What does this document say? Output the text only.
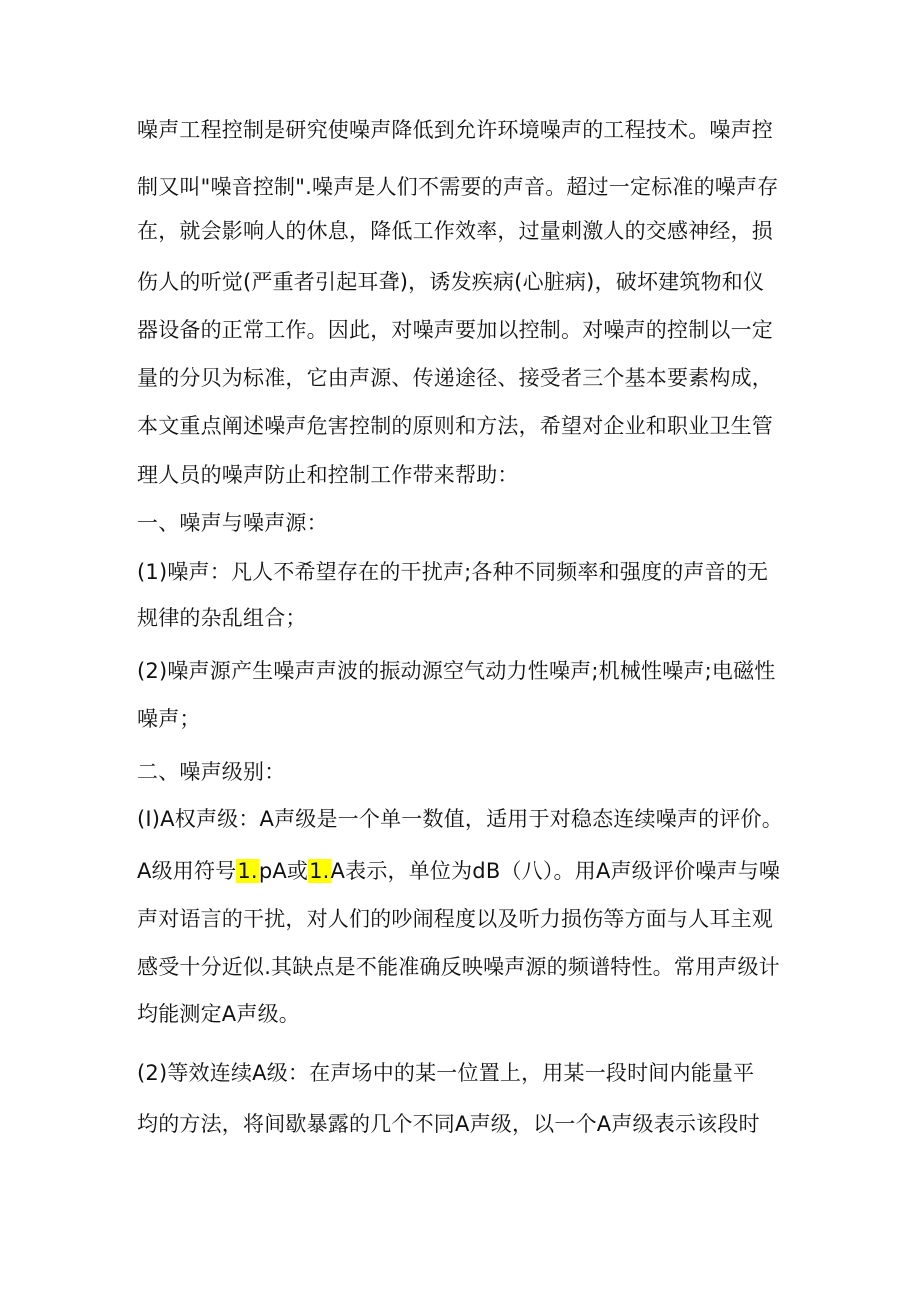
噪声工程控制是研究使噪声降低到允许环境噪声的工程技术。噪声控
制又叫"噪音控制".噪声是人们不需要的声音。超过一定标准的噪声存
在，就会影响人的休息，降低工作效率，过量刺激人的交感神经，损
伤人的听觉(严重者引起耳聋)，诱发疾病(心脏病)，破坏建筑物和仪
器设备的正常工作。因此，对噪声要加以控制。对噪声的控制以一定
量的分贝为标准，它由声源、传递途径、接受者三个基本要素构成，
本文重点阐述噪声危害控制的原则和方法，希望对企业和职业卫生管
理人员的噪声防止和控制工作带来帮助：
一、噪声与噪声源：
(1)噪声：凡人不希望存在的干扰声;各种不同频率和强度的声音的无
规律的杂乱组合；
(2)噪声源产生噪声声波的振动源空气动力性噪声;机械性噪声;电磁性
噪声；
二、噪声级别：
(I)A权声级：A声级是一个单一数值，适用于对稳态连续噪声的评价。
A级用符号1.pA或1.A表示，单位为dB（八）。用A声级评价噪声与噪
声对语言的干扰，对人们的吵闹程度以及听力损伤等方面与人耳主观
感受十分近似.其缺点是不能准确反映噪声源的频谱特性。常用声级计
均能测定A声级。
(2)等效连续A级：在声场中的某一位置上，用某一段时间内能量平
均的方法，将间歇暴露的几个不同A声级，以一个A声级表示该段时
